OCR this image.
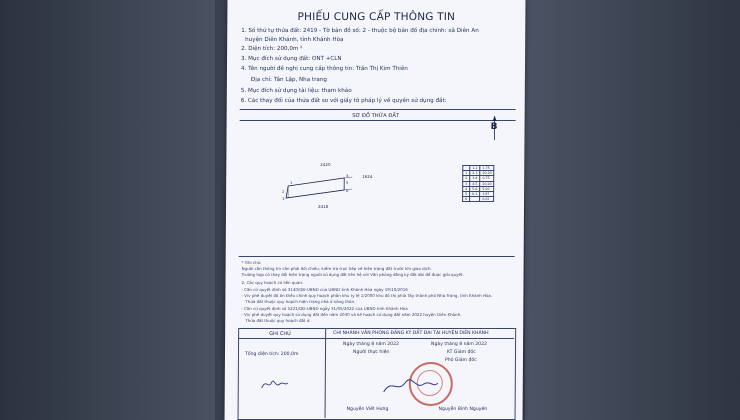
PHIẾU CUNG CẤP THÔNG TIN
1. Số thứ tự thửa đất: 2419 - Tờ bản đồ số: 2 - thuộc bộ bản đồ địa chính: xã Diên An
huyện Diên Khánh, tỉnh Khánh Hòa
2. Diện tích: 200,0m ²
3. Mục đích sử dụng đất: ONT +CLN
4. Tên người đề nghị cung cấp thông tin: Trần Thị Kim Thiên
Địa chỉ: Tân Lập, Nha trang
5. Mục đích sử dụng tài liệu: tham khảo
6. Các thay đổi của thửa đất so với giấy tờ pháp lý về quyền sử dụng đất:
SƠ ĐỒ THỬA ĐẤT
B
2420
1624
2418
1
2
3
4
5
6
	1-2	1.75
1	2-3	20.20
2	3-4	0.75
3	4-5	20.20
4	5-6	5.00
5	6-1	3.87
6		0.02
* Ghi chú:
Người cần thông tin cần phải đối chiếu, kiểm tra trực tiếp về hiện trạng đất trước khi giao dịch.
Trường hợp có thay đổi hiện trạng người sử dụng đất liên hệ với Văn phòng đăng ký đất đai để được giải quyết.
2. Các quy hoạch có liên quan:
- Căn cứ quyết định số 3140/QĐ-UBND của UBND tỉnh Khánh Hòa ngày 19/10/2016
- V/v phê duyệt đồ án Điều chỉnh quy hoạch phân khu tỷ lệ 1/2000 khu đô thị phía Tây thành phố Nha Trang, tỉnh Khánh Hòa.
Thửa đất thuộc quy hoạch hiện trạng nhà ở nông thôn.
- Căn cứ quyết định số 5221/QĐ-UBND ngày 31/05/2022 của UBND tỉnh Khánh Hòa
- V/v phê duyệt quy hoạch sử dụng đất đến năm 2030 và kế hoạch sử dụng đất năm 2022 huyện Diên Khánh.
Thửa đất thuộc quy hoạch đất ở.
GHI CHÚ	CHI NHÁNH VĂN PHÒNG ĐĂNG KÝ ĐẤT ĐAI TẠI HUYỆN DIÊN KHÁNH
Tổng diện tích: 200,0m
Ngày tháng 8 năm 2022
Người thực hiện
Nguyễn Viết Hưng
Ngày tháng 8 năm 2022
KT Giám đốc
Phó Giám đốc
Nguyễn Bình Nguyên
